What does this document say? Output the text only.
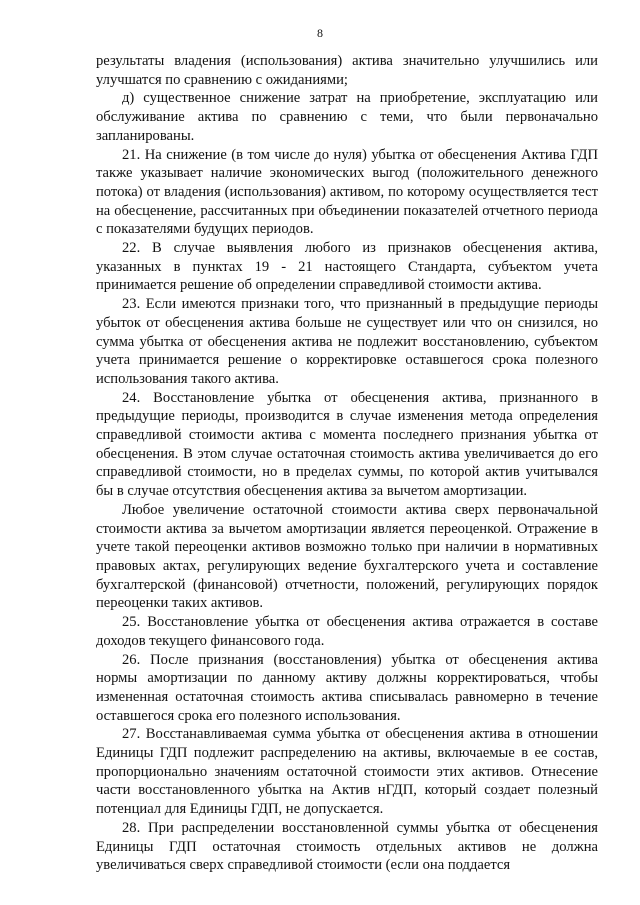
8

результаты владения (использования) актива значительно улучшились или улучшатся по сравнению с ожиданиями;

д) существенное снижение затрат на приобретение, эксплуатацию или обслуживание актива по сравнению с теми, что были первоначально запланированы.

21. На снижение (в том числе до нуля) убытка от обесценения Актива ГДП также указывает наличие экономических выгод (положительного денежного потока) от владения (использования) активом, по которому осуществляется тест на обесценение, рассчитанных при объединении показателей отчетного периода с показателями будущих периодов.

22. В случае выявления любого из признаков обесценения актива, указанных в пунктах 19 - 21 настоящего Стандарта, субъектом учета принимается решение об определении справедливой стоимости актива.

23. Если имеются признаки того, что признанный в предыдущие периоды убыток от обесценения актива больше не существует или что он снизился, но сумма убытка от обесценения актива не подлежит восстановлению, субъектом учета принимается решение о корректировке оставшегося срока полезного использования такого актива.

24. Восстановление убытка от обесценения актива, признанного в предыдущие периоды, производится в случае изменения метода определения справедливой стоимости актива с момента последнего признания убытка от обесценения. В этом случае остаточная стоимость актива увеличивается до его справедливой стоимости, но в пределах суммы, по которой актив учитывался бы в случае отсутствия обесценения актива за вычетом амортизации.

Любое увеличение остаточной стоимости актива сверх первоначальной стоимости актива за вычетом амортизации является переоценкой. Отражение в учете такой переоценки активов возможно только при наличии в нормативных правовых актах, регулирующих ведение бухгалтерского учета и составление бухгалтерской (финансовой) отчетности, положений, регулирующих порядок переоценки таких активов.

25. Восстановление убытка от обесценения актива отражается в составе доходов текущего финансового года.

26. После признания (восстановления) убытка от обесценения актива нормы амортизации по данному активу должны корректироваться, чтобы измененная остаточная стоимость актива списывалась равномерно в течение оставшегося срока его полезного использования.

27. Восстанавливаемая сумма убытка от обесценения актива в отношении Единицы ГДП подлежит распределению на активы, включаемые в ее состав, пропорционально значениям остаточной стоимости этих активов. Отнесение части восстановленного убытка на Актив нГДП, который создает полезный потенциал для Единицы ГДП, не допускается.

28. При распределении восстановленной суммы убытка от обесценения Единицы ГДП остаточная стоимость отдельных активов не должна увеличиваться сверх справедливой стоимости (если она поддается
